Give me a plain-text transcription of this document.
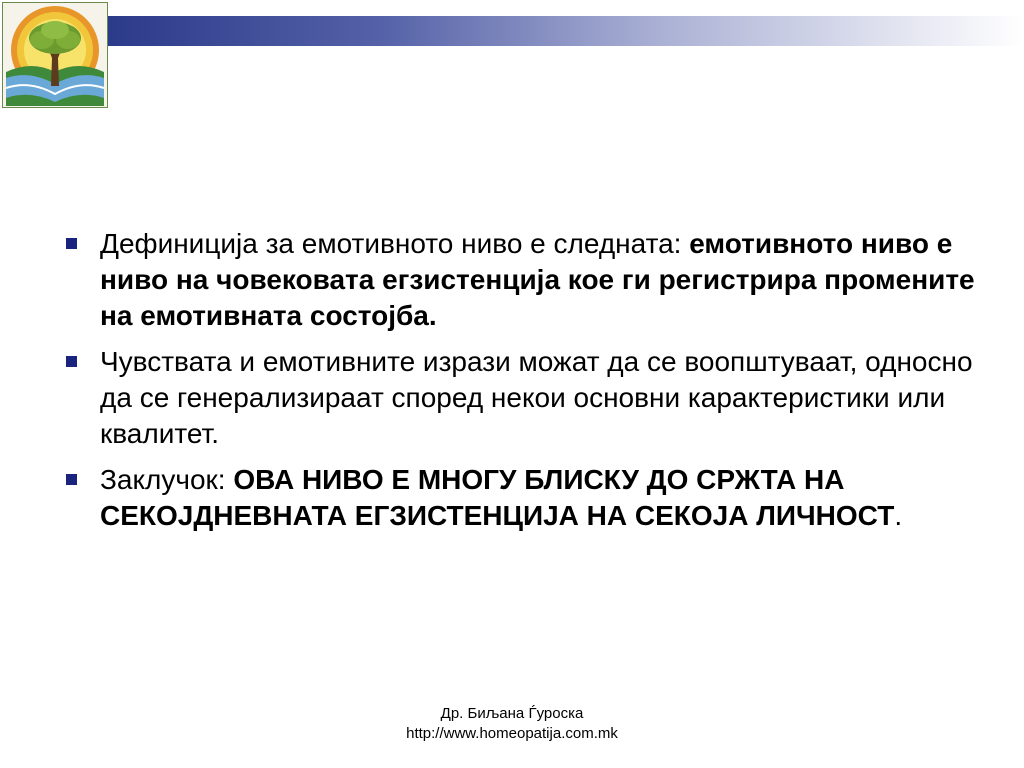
Дефиниција за емотивното ниво е следната: емотивното ниво е ниво на човековата егзистенција кое ги регистрира промените на емотивната состојба.
Чувствата и емотивните изрази можат да се воопштуваат, односно да се генерализираат според некои основни карактеристики или квалитет.
Заклучок: ОВА НИВО Е МНОГУ БЛИСКУ ДО СРЖТА НА СЕКОЈДНЕВНАТА ЕГЗИСТЕНЦИЈА НА СЕКОЈА ЛИЧНОСТ.
Др. Биљана Ѓуроска
http://www.homeopatija.com.mk
